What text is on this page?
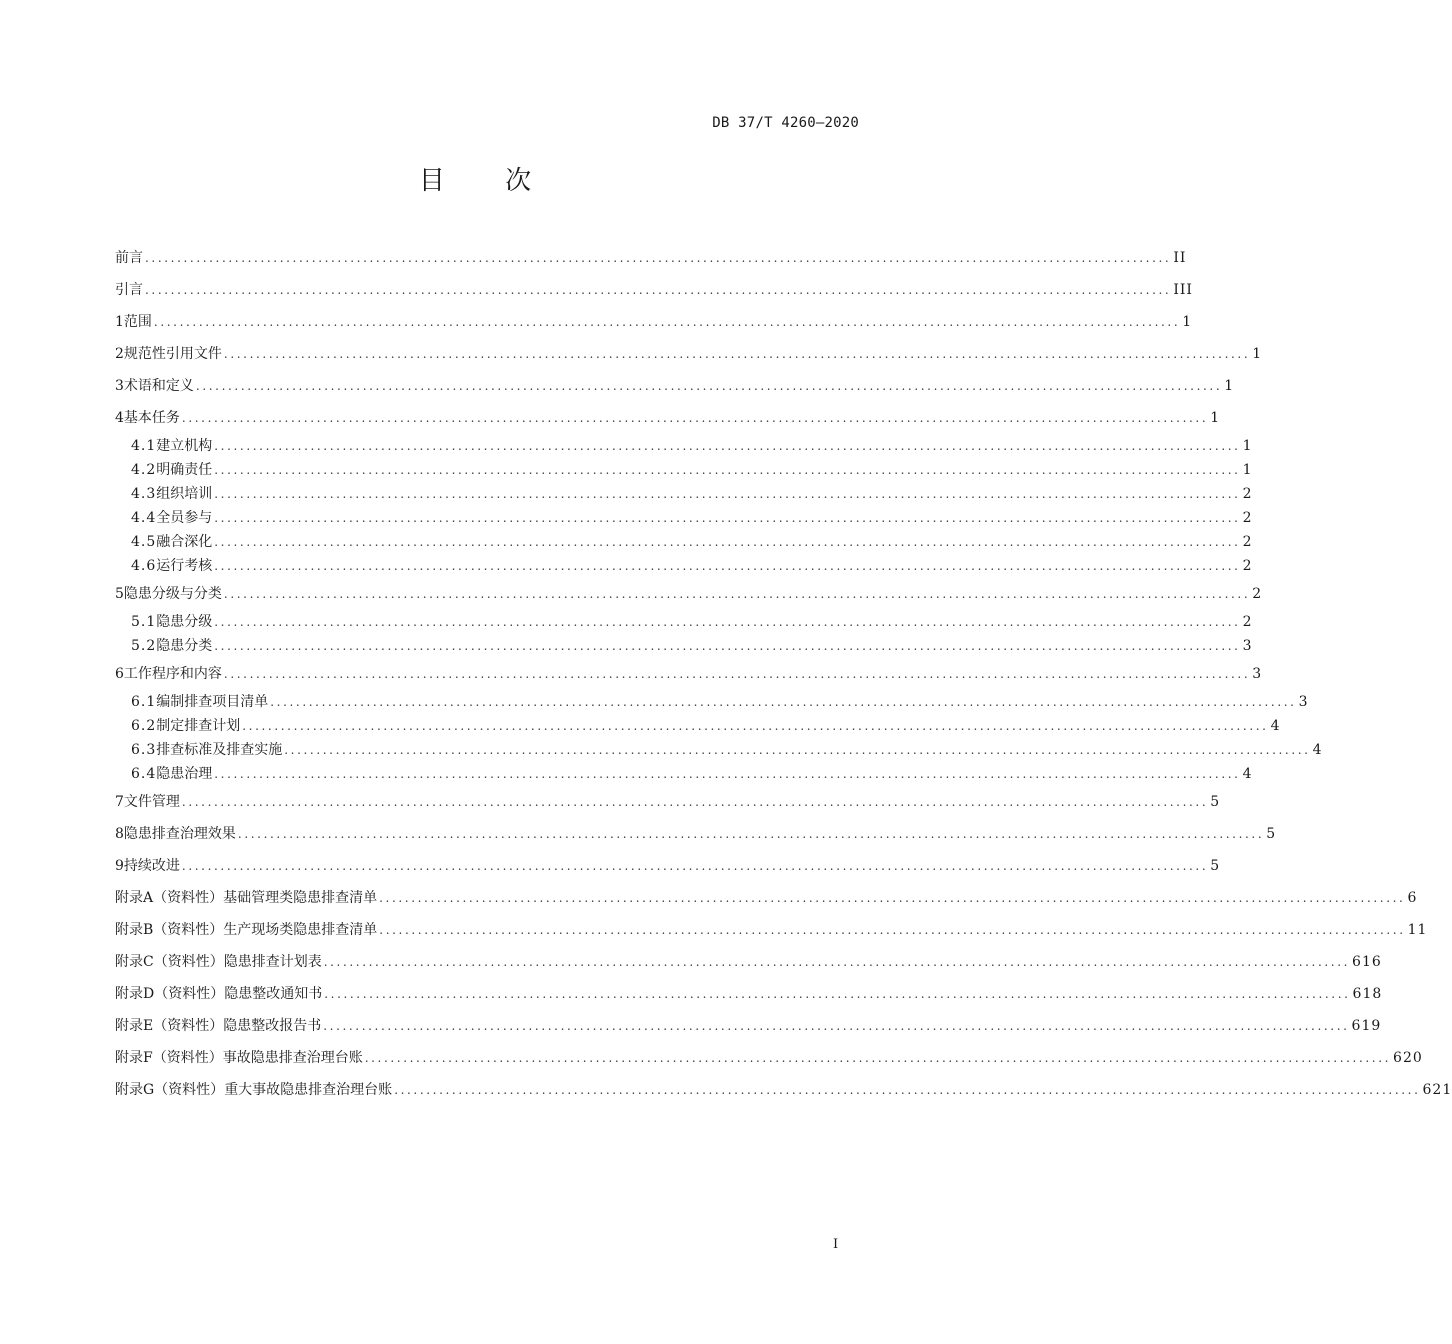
DB 37/T 4260—2020
目 次
前言 ................................................................................................................................................................ II
引言 ................................................................................................................................................................ III
1 范围 ................................................................................................................................................................ 1
2 规范性引用文件 ................................................................................................................................................................ 1
3 术语和定义 ................................................................................................................................................................ 1
4 基本任务 ................................................................................................................................................................ 1
4.1 建立机构 ................................................................................................................................................................ 1
4.2 明确责任 ................................................................................................................................................................ 1
4.3 组织培训 ................................................................................................................................................................ 2
4.4 全员参与 ................................................................................................................................................................ 2
4.5 融合深化 ................................................................................................................................................................ 2
4.6 运行考核 ................................................................................................................................................................ 2
5 隐患分级与分类 ................................................................................................................................................................ 2
5.1 隐患分级 ................................................................................................................................................................ 2
5.2 隐患分类 ................................................................................................................................................................ 3
6 工作程序和内容 ................................................................................................................................................................ 3
6.1 编制排查项目清单 ................................................................................................................................................................ 3
6.2 制定排查计划 ................................................................................................................................................................ 4
6.3 排查标准及排查实施 ................................................................................................................................................................ 4
6.4 隐患治理 ................................................................................................................................................................ 4
7 文件管理 ................................................................................................................................................................ 5
8 隐患排查治理效果 ................................................................................................................................................................ 5
9 持续改进 ................................................................................................................................................................ 5
附录A（资料性） 基础管理类隐患排查清单 ................................................................................................................................................................ 6
附录B（资料性） 生产现场类隐患排查清单 ................................................................................................................................................................ 11
附录C（资料性） 隐患排查计划表 ................................................................................................................................................................ 616
附录D（资料性） 隐患整改通知书 ................................................................................................................................................................ 618
附录E（资料性） 隐患整改报告书 ................................................................................................................................................................ 619
附录F（资料性） 事故隐患排查治理台账 ................................................................................................................................................................ 620
附录G（资料性） 重大事故隐患排查治理台账 ................................................................................................................................................................ 621
I
